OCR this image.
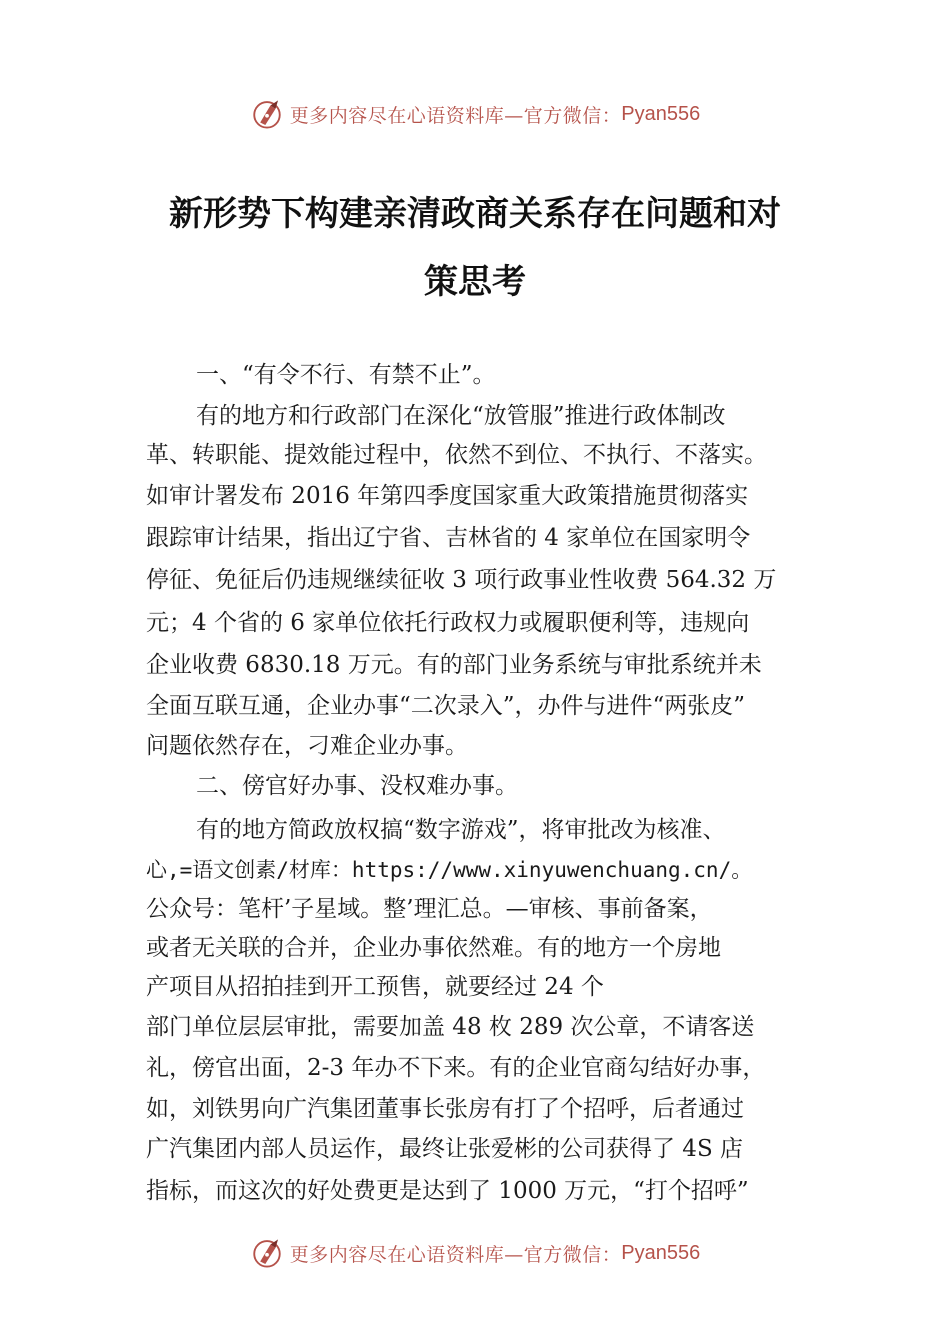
更多内容尽在心语资料库—官方微信： Pyan556
新形势下构建亲清政商关系存在问题和对
策思考

一、“有令不行、有禁不止”。

有的地方和行政部门在深化“放管服”推进行政体制改

革、转职能、提效能过程中，依然不到位、不执行、不落实。

如审计署发布 2016 年第四季度国家重大政策措施贯彻落实

跟踪审计结果，指出辽宁省、吉林省的 4 家单位在国家明令

停征、免征后仍违规继续征收 3 项行政事业性收费 564.32 万

元；4 个省的 6 家单位依托行政权力或履职便利等，违规向

企业收费 6830.18 万元。有的部门业务系统与审批系统并未

全面互联互通，企业办事“二次录入”，办件与进件“两张皮”

问题依然存在，刁难企业办事。

二、傍官好办事、没权难办事。

有的地方简政放权搞“数字游戏”，将审批改为核准、

心,=语文创素/材库：https://www.xinyuwenchuang.cn/。

公众号：笔杆’子星域。整’理汇总。—审核、事前备案，

或者无关联的合并，企业办事依然难。有的地方一个房地

产项目从招拍挂到开工预售，就要经过 24 个

部门单位层层审批，需要加盖 48 枚 289 次公章，不请客送

礼，傍官出面，2-3 年办不下来。有的企业官商勾结好办事，

如，刘铁男向广汽集团董事长张房有打了个招呼，后者通过

广汽集团内部人员运作，最终让张爱彬的公司获得了 4S 店

指标，而这次的好处费更是达到了 1000 万元，“打个招呼”

更多内容尽在心语资料库—官方微信： Pyan556
